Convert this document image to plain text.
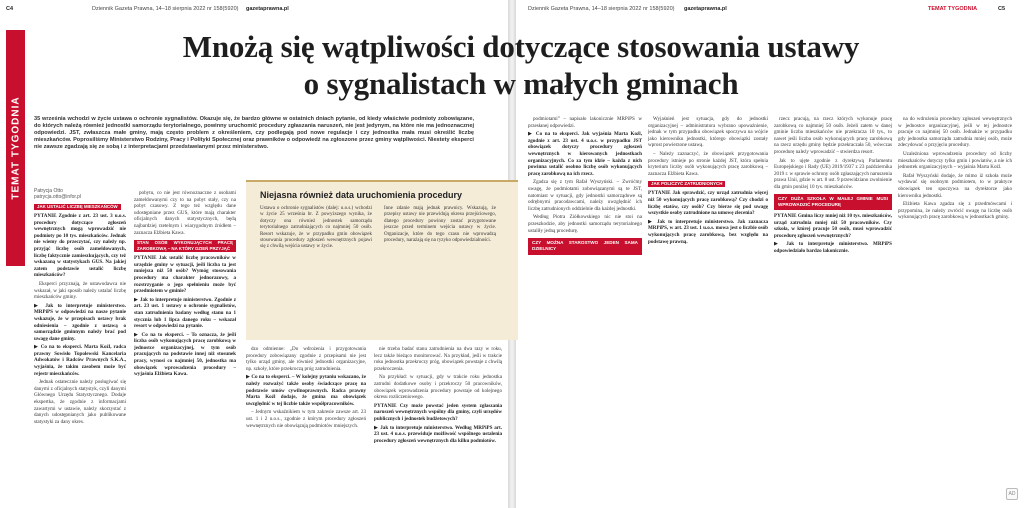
C4	Dziennik Gazeta Prawna, 14–18 sierpnia 2022 nr 158(5920) gazetaprawna.pl	Dziennik Gazeta Prawna, 14–18 sierpnia 2022 nr 158(5920) gazetaprawna.pl	TEMAT TYGODNIA	C5
TEMAT TYGODNIA
Mnożą się wątpliwości dotyczące stosowania ustawy
o sygnalistach w małych gminach
35 września wchodzi w życie ustawa o ochronie sygnalistów. Okazuje się, że bardzo główne w ostatnich dniach pytanie, od kiedy właściwie podmioty zobowiązane, do których należą również jednostki samorządu terytorialnego, powinny uruchomić procedury zgłaszania naruszeń, nie jest jedynym, na które nie ma jednoznacznej odpowiedzi. JST, zwłaszcza małe gminy, mają często problem z określeniem, czy podlegają pod nowe regulacje i czy jednostka mała musi określić liczbę mieszkańców. Poprosiliśmy Ministerstwo Rodziny, Pracy i Polityki Społecznej oraz prawników o odpowiedź na zgłoszone przez gminy wątpliwości. Niestety eksperci nie zawsze zgadzają się ze sobą i z interpretacjami przedstawianymi przez ministerstwo.
Patrycja Otto
patrycja.otto@infor.pl
JAK USTALIĆ LICZBĘ MIESZKAŃCÓW

PYTANIE Zgodnie z art. 23 ust. 3 u.o.s. procedury dotyczące zgłoszeń wewnętrznych mogą wprowadzić nie podmioty po 10 tys. mieszkańców. Jednak nie wiemy do przeczytać, czy należy np. przyjąć liczbę osób zameldowanych, liczbę faktycznie zamieszkujących, czy też wskazaną w statystykach GUS. Na jakiej zatem podstawie ustalić liczbę mieszkańców?

Eksperci przyznają, że ustawodawca nie wskazał, w jaki sposób należy ustalać liczbę mieszkańców gminy.

▶ Jak to interpretuje ministerstwo. MRPiPS w odpowiedzi na nasze pytanie wskazuje, że w przepisach ustawy brak odniesienia – zgodnie z ustawą o samorządzie gminnym należy brać pod uwagę dane gminy.

▶ Co na to eksperci. Marta Koźl, radca prawny Sowisło Topolewski Kancelaria Adwokatów i Radców Prawnych S.K.A., wyjaśnia, że takim zasobem może być rejestr mieszkańców.

Jednak ostatecznie należy posługiwać się danymi z oficjalnych statystyk, czyli danymi Głównego Urzędu Statystycznego. Dodaje ekspertka, że zgodnie z informacjami zawartymi w ustawie, należy skorzystać z danych udostępnianych jako publikowane statystyki za dany okres.

pobytu, co nie jest równoznaczne z osobami zameldowanymi czy to na pobyt stały, czy na pobyt czasowy. Z tego też względu dane udostępniane przez GUS, które mają charakter oficjalnych danych statystycznych, będą najbardziej rzetelnym i wiarygodnym źródłem – zaznacza Elżbieta Kawa.

STAN OSÓB WYKONUJĄCYCH PRACĘ ZAROBKOWĄ – NA KTÓRY DZIEŃ PRZYJĄĆ

PYTANIE Jak ustalić liczbę pracowników w urzędzie gminy w sytuacji, jeśli liczba ta jest mniejsza niż 50 osób? Wymóg stosowania procedury ma charakter jednorazowy, a rozstrzyganie o jego spełnieniu może być przedmiotem w gminie?

▶ Jak to interpretuje ministerstwo. Zgodnie z art. 23 ust. 1 ustawy o ochronie sygnalistów, stan zatrudnienia badany według stanu na 1 stycznia lub 1 lipca danego roku – wskazał resort w odpowiedzi na pytanie.

▶ Co na to eksperci. – To oznacza, że jeśli liczba osób wykonujących pracę zarobkową w jednostce organizacyjnej, w tym osób pracujących na podstawie innej niż stosunek pracy, wynosi co najmniej 50, jednostka ma obowiązek wprowadzenia procedury – wyjaśnia Elżbieta Kawa.

Niejasna również data uruchomienia procedury
Ustawa o ochronie sygnalistów (dalej: u.o.s.) wchodzi w życie 25 września br. Z powyższego wynika, że dotyczy ona również jednostek samorządu terytorialnego zatrudniających co najmniej 50 osób. Resort wskazuje, że w przypadku gmin obowiązek stosowania procedury zgłoszeń wewnętrznych pojawi się z chwilą wejścia ustawy w życie.
Inne zdanie mają jednak prawnicy. Wskazują, że przepisy ustawy nie przewidują okresu przejściowego, dlatego procedury powinny zostać przygotowane jeszcze przed terminem wejścia ustawy w życie. Organizacje, które do tego czasu nie wprowadzą procedury, narażają się na ryzyko odpowiedzialności.

dzo odmienne: „Do wdrożenia i przygotowania procedury zobowiązany zgodnie z przepisami nie jest tylko urząd gminy, ale również jednostki organizacyjne, np. szkoły, które przekroczą próg zatrudnienia.

▶ Co na to eksperci. – W kolejny pytaniu wskazano, że należy rozważyć także osoby świadczące pracę na podstawie umów cywilnoprawnych. Radca prawny Marta Koźl dodaje, że gmina ma obowiązek uwzględnić w tej liczbie także współpracowników.

– Jednym wskaźnikiem w tym zakresie zawsze art. 23 ust. 1 i 2 u.o.s., zgodnie z którym procedury zgłoszeń wewnętrznych nie obowiązują podmiotów mniejszych.

nie trzeba badać stanu zatrudnienia na dwa razy w roku, lecz także bieżąco monitorować. Na przykład, jeśli w trakcie roku jednostka przekroczy próg, obowiązek powstaje z chwilą przekroczenia.

Na przykład: w sytuacji, gdy w trakcie roku jednostka zatrudni dodatkowe osoby i przekroczy 50 pracowników, obowiązek wprowadzenia procedury powstaje od kolejnego okresu rozliczeniowego.

PYTANIE Czy może powstać jeden system zgłaszania naruszeń wewnętrznych wspólny dla gminy, czyli urzędów publicznych i jednostek budżetowych?

▶ Jak to interpretuje ministerstwo. Według MRPiPS art. 23 ust. 4 u.o.s. przewiduje możliwość wspólnego ustalenia procedury zgłoszeń wewnętrznych dla kilku podmiotów.

podmiotami” – napisało lakonicznie MRPiPS w przesłanej odpowiedzi.

▶ Co na to eksperci. Jak wyjaśnia Marta Koźl, zgodnie z art. 23 ust. 4 u.o.s. w przypadku JST obowiązek dotyczy procedury zgłoszeń wewnętrznych w kierowanych jednostkach organizacyjnych. Co za tym idzie – każda z nich powinna ustalić osobno liczbę osób wykonujących pracę zarobkową na ich rzecz.

Zgadza się z tym Rafał Wyszyński. – Zwróćmy uwagę, że podmiotami zobowiązanymi są te JST, natomiast w sytuacji, gdy jednostki samorządowe są odrębnymi pracodawcami, należy uwzględnić ich liczbę zatrudnionych oddzielnie dla każdej jednostki.

Według Piotra Ziółkowskiego nic nie stoi na przeszkodzie, aby jednostki samorządu terytorialnego ustaliły jedną procedurę.

CZY MOŻNA STAROSTWO JEDEN SAMA DZIELNICY

Wyjaśnień jest sytuacja, gdy do jednostki organizacyjnej – administratora wybrano upoważnienie, jednak w tym przypadku obowiązek spoczywa na wójcie jako kierowniku jednostki, którego obowiązki zostały wprost powierzone ustawą.

– Należy zaznaczyć, że obowiązek przygotowania procedury istnieje po stronie każdej JST, która spełnia kryterium liczby osób wykonujących pracę zarobkową – zaznacza Elżbieta Kawa.

JAK POLICZYĆ ZATRUDNIONYCH

PYTANIE Jak sprawdzić, czy urząd zatrudnia więcej niż 50 wykonujących pracę zarobkową? Czy chodzi o liczbę etatów, czy osób? Czy bierze się pod uwagę wszystkie osoby zatrudnione na umowę zlecenia?

▶ Jak to interpretuje ministerstwo. Jak zaznacza MRPiPS, w art. 23 ust. 1 u.o.s. mowa jest o liczbie osób wykonujących pracę zarobkową, bez względu na podstawę prawną.

rzecz pracują, na rzecz których wykonuje pracę zarobkową co najmniej 50 osób. Jeżeli zatem w danej gminie liczba mieszkańców nie przekracza 10 tys., to nawet jeśli liczba osób wykonujących pracę zarobkową na rzecz urzędu gminy będzie przekraczała 50, wówczas procedurę należy wprowadzić – stwierdza resort.

Jak to ujęte zgodnie z dyrektywą Parlamentu Europejskiego i Rady (UE) 2019/1937 z 23 października 2019 r. w sprawie ochrony osób zgłaszających naruszenia prawa Unii, gdzie w art. 8 ust. 9 przewidziano zwolnienie dla gmin poniżej 10 tys. mieszkańców.

CZY DUŻA SZKOŁA W MAŁEJ GMINIE MUSI WPROWADZIĆ PROCEDURĘ

PYTANIE Gmina liczy mniej niż 10 tys. mieszkańców, urząd zatrudnia mniej niż 50 pracowników. Czy szkoła, w której pracuje 50 osób, musi wprowadzić procedurę zgłoszeń wewnętrznych?

▶ Jak to interpretuje ministerstwo. MRPiPS odpowiedziało bardzo lakonicznie.

na do wdrożenia procedury zgłoszeń wewnętrznych w jednostce organizacyjnej, jeśli w tej jednostce pracuje co najmniej 50 osób. Jednakże w przypadku gdy jednostka samorządu zatrudnia mniej osób, może zdecydować o przyjęciu procedury.

Uzależniona wprowadzenia procedury od liczby mieszkańców dotyczy tylko gmin i powiatów, a nie ich jednostek organizacyjnych – wyjaśnia Marta Koźl.

Rafał Wyszyński dodaje, że mimo iż szkoła może wydawać się osobnym podmiotem, to w praktyce obowiązek ten spoczywa na dyrektorze jako kierowniku jednostki.

Elżbieta Kawa zgadza się z przedmówcami i przypomina, że należy zwrócić uwagę na liczbę osób wykonujących pracę zarobkową w jednostkach gminy.

AD
